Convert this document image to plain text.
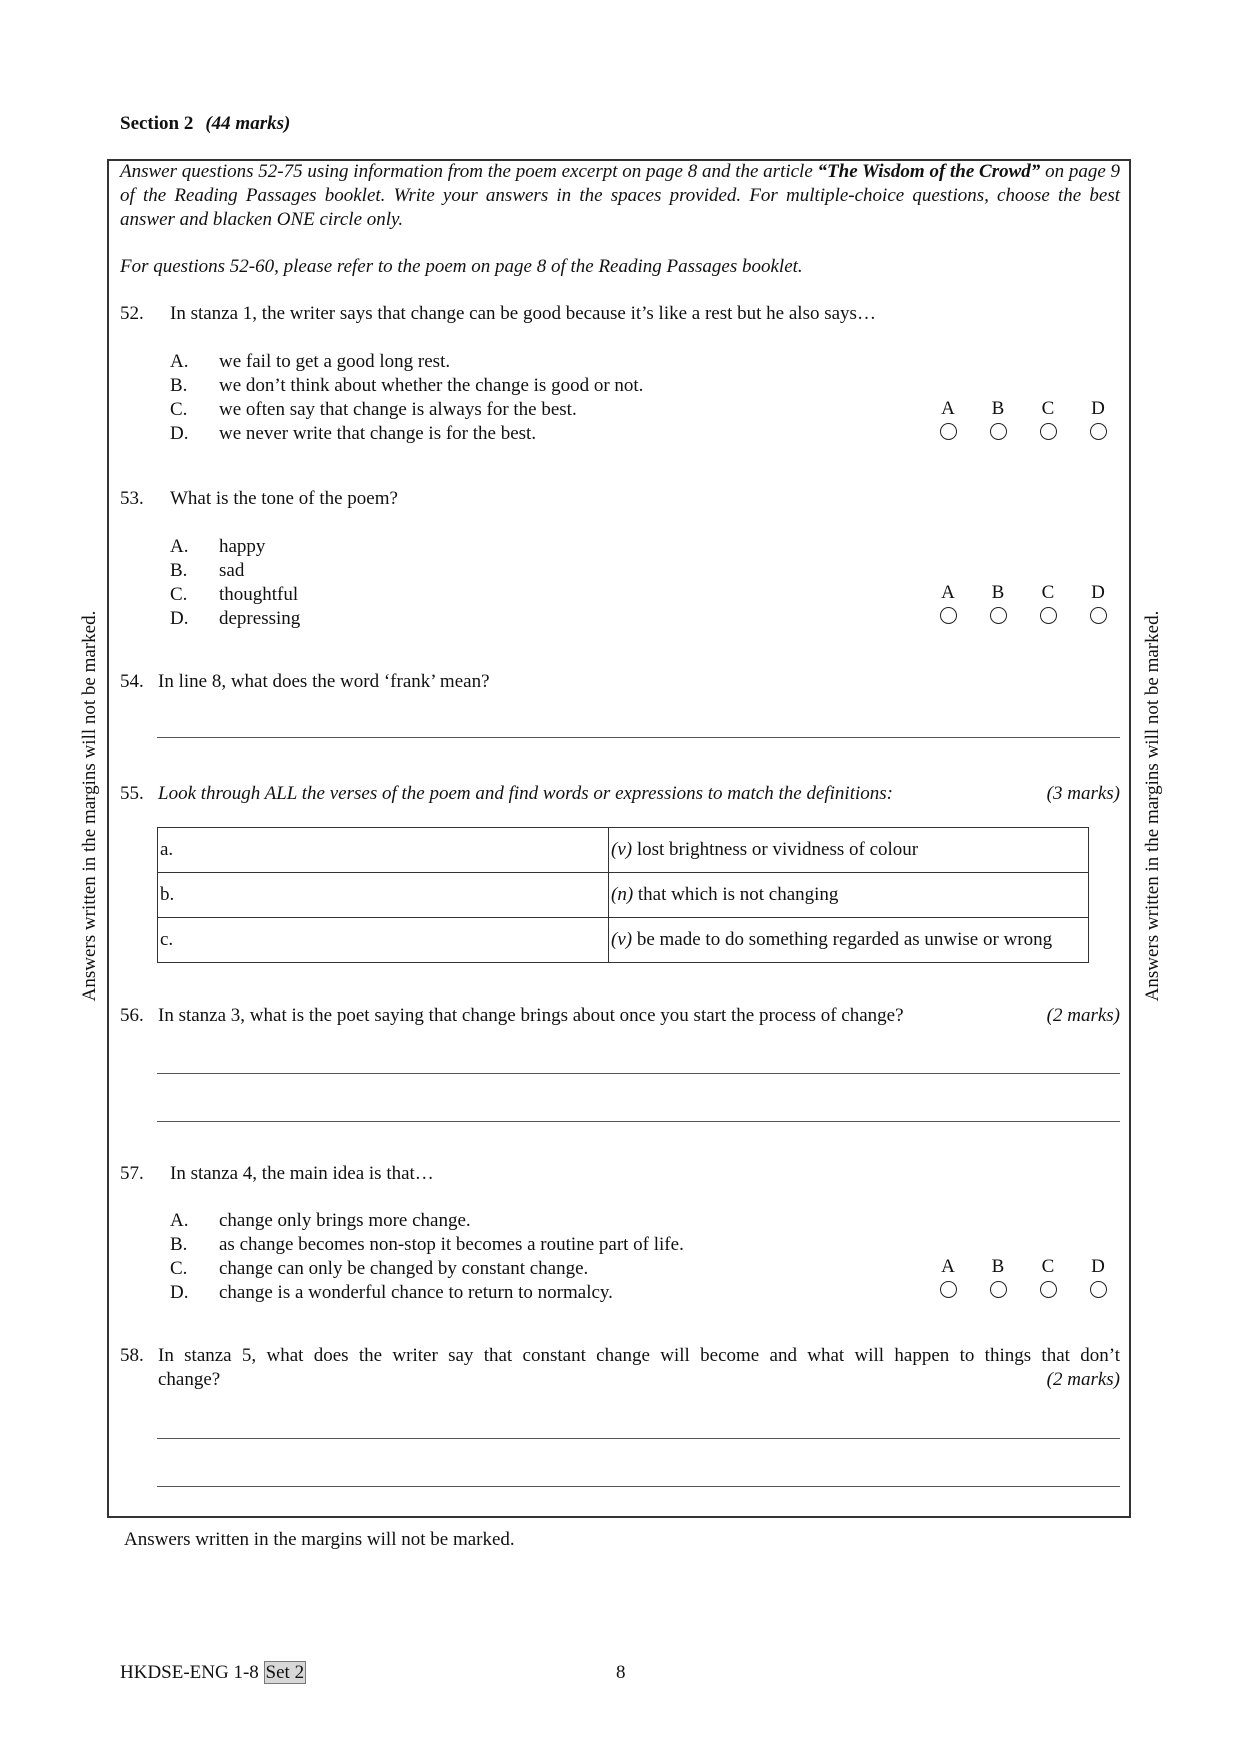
Section 2 (44 marks)
Answer questions 52-75 using information from the poem excerpt on page 8 and the article “The Wisdom of the Crowd” on page 9 of the Reading Passages booklet. Write your answers in the spaces provided. For multiple-choice questions, choose the best answer and blacken ONE circle only.
For questions 52-60, please refer to the poem on page 8 of the Reading Passages booklet.
52. In stanza 1, the writer says that change can be good because it’s like a rest but he also says…
A. we fail to get a good long rest.
B. we don’t think about whether the change is good or not.
C. we often say that change is always for the best.
D. we never write that change is for the best.
A	B	C	D
53. What is the tone of the poem?
A. happy
B. sad
C. thoughtful
D. depressing
A	B	C	D
54. In line 8, what does the word ‘frank’ mean?
55. Look through ALL the verses of the poem and find words or expressions to match the definitions:	(3 marks)
a.	(v) lost brightness or vividness of colour
b.	(n) that which is not changing
c.	(v) be made to do something regarded as unwise or wrong
56. In stanza 3, what is the poet saying that change brings about once you start the process of change?	(2 marks)
57. In stanza 4, the main idea is that…
A. change only brings more change.
B. as change becomes non-stop it becomes a routine part of life.
C. change can only be changed by constant change.
D. change is a wonderful chance to return to normalcy.
A	B	C	D
58. In stanza 5, what does the writer say that constant change will become and what will happen to things that don’t
change?	(2 marks)
Answers written in the margins will not be marked.	Answers written in the margins will not be marked.
Answers written in the margins will not be marked.
HKDSE-ENG 1-8 Set 2	8
